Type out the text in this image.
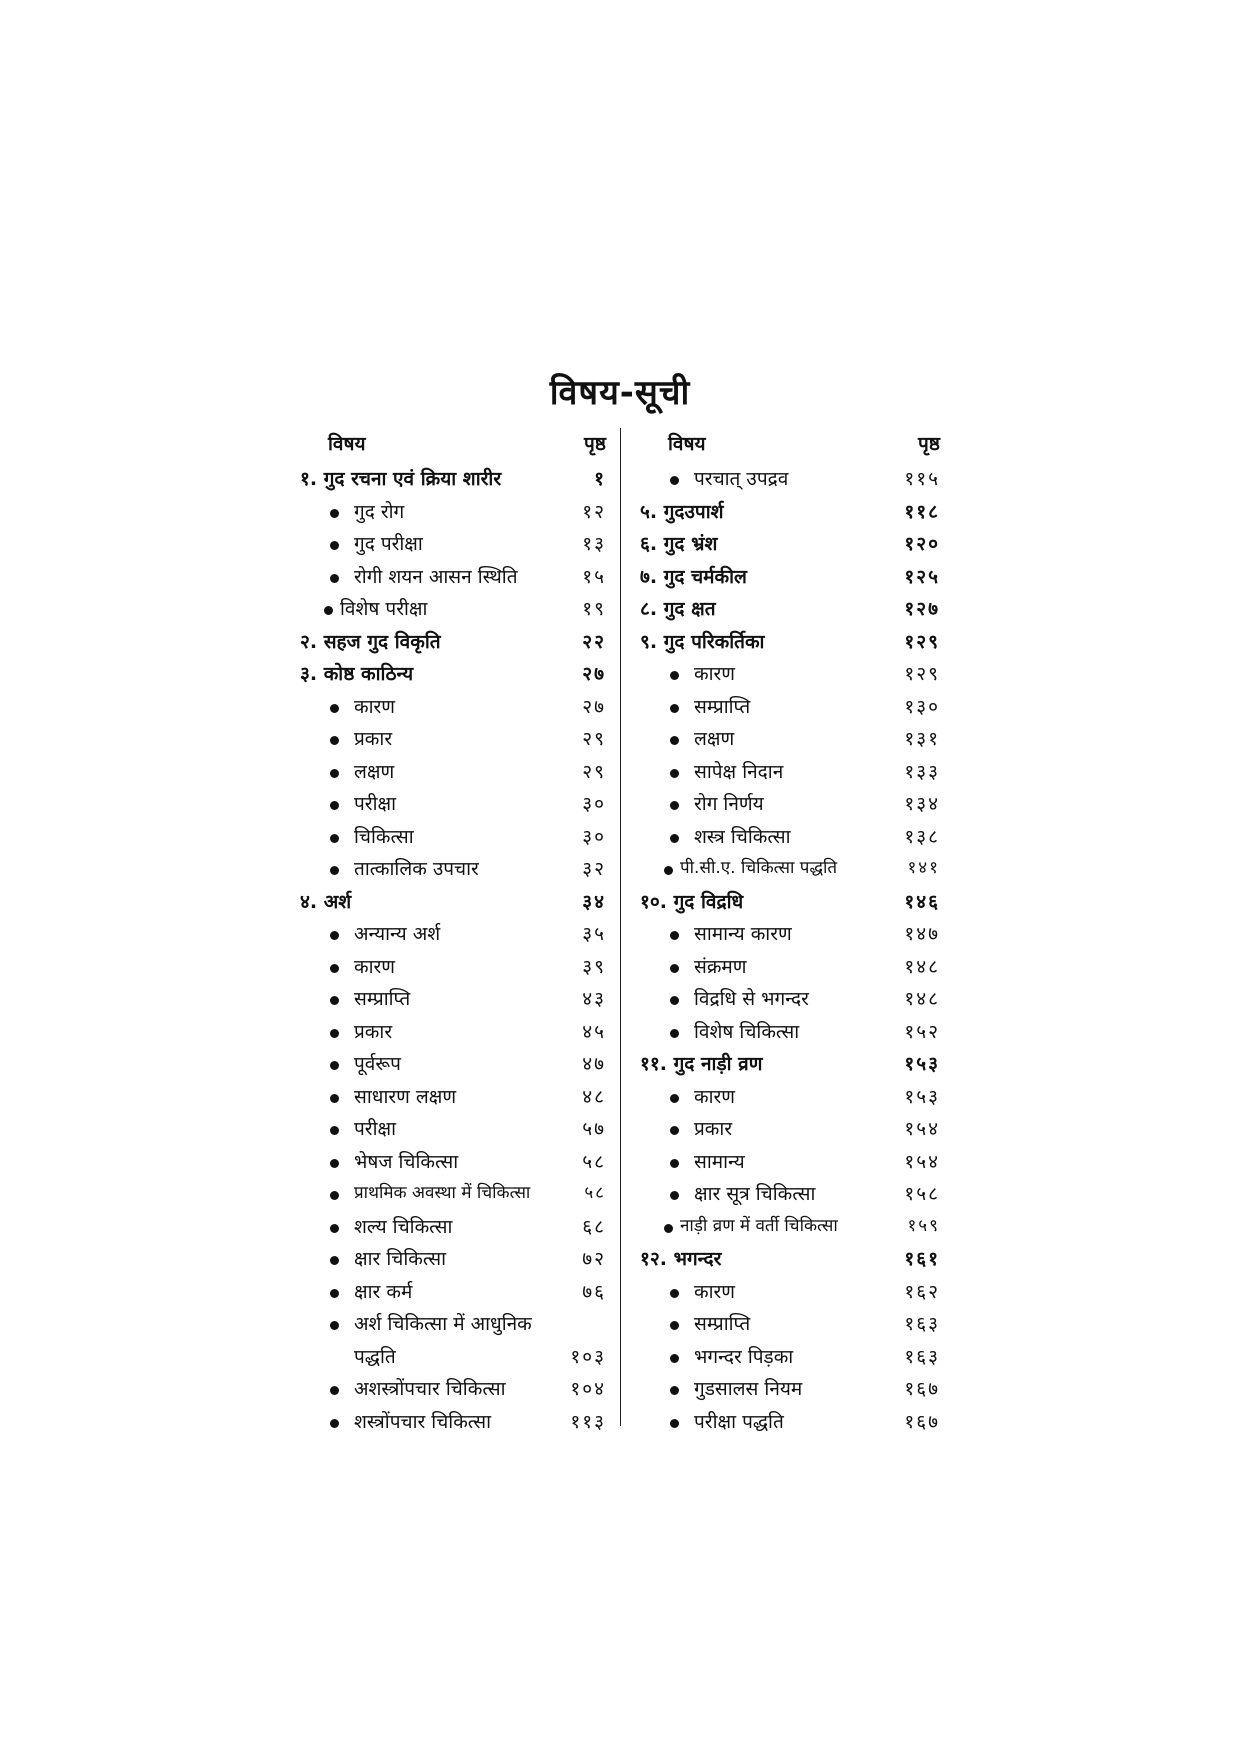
विषय-सूची
विषय	पृष्ठ
१. गुद रचना एवं क्रिया शारीर	१
गुद रोग	१२
गुद परीक्षा	१३
रोगी शयन आसन स्थिति	१५
विशेष परीक्षा	१९
२. सहज गुद विकृति	२२
३. कोष्ठ काठिन्य	२७
कारण	२७
प्रकार	२९
लक्षण	२९
परीक्षा	३०
चिकित्सा	३०
तात्कालिक उपचार	३२
४. अर्श	३४
अन्यान्य अर्श	३५
कारण	३९
सम्प्राप्ति	४३
प्रकार	४५
पूर्वरूप	४७
साधारण लक्षण	४८
परीक्षा	५७
भेषज चिकित्सा	५८
प्राथमिक अवस्था में चिकित्सा	५८
शल्य चिकित्सा	६८
क्षार चिकित्सा	७२
क्षार कर्म	७६
अर्श चिकित्सा में आधुनिक
पद्धति	१०३
अशस्त्रोंपचार चिकित्सा	१०४
शस्त्रोंपचार चिकित्सा	११३
विषय	पृष्ठ
परचात् उपद्रव	११५
५. गुदउपार्श	११८
६. गुद भ्रंश	१२०
७. गुद चर्मकील	१२५
८. गुद क्षत	१२७
९. गुद परिकर्तिका	१२९
कारण	१२९
सम्प्राप्ति	१३०
लक्षण	१३१
सापेक्ष निदान	१३३
रोग निर्णय	१३४
शस्त्र चिकित्सा	१३८
पी.सी.ए. चिकित्सा पद्धति	१४१
१०. गुद विद्रधि	१४६
सामान्य कारण	१४७
संक्रमण	१४८
विद्रधि से भगन्दर	१४८
विशेष चिकित्सा	१५२
११. गुद नाड़ी व्रण	१५३
कारण	१५३
प्रकार	१५४
सामान्य	१५४
क्षार सूत्र चिकित्सा	१५८
नाड़ी व्रण में वर्ती चिकित्सा	१५९
१२. भगन्दर	१६१
कारण	१६२
सम्प्राप्ति	१६३
भगन्दर पिड़का	१६३
गुडसालस नियम	१६७
परीक्षा पद्धति	१६७
